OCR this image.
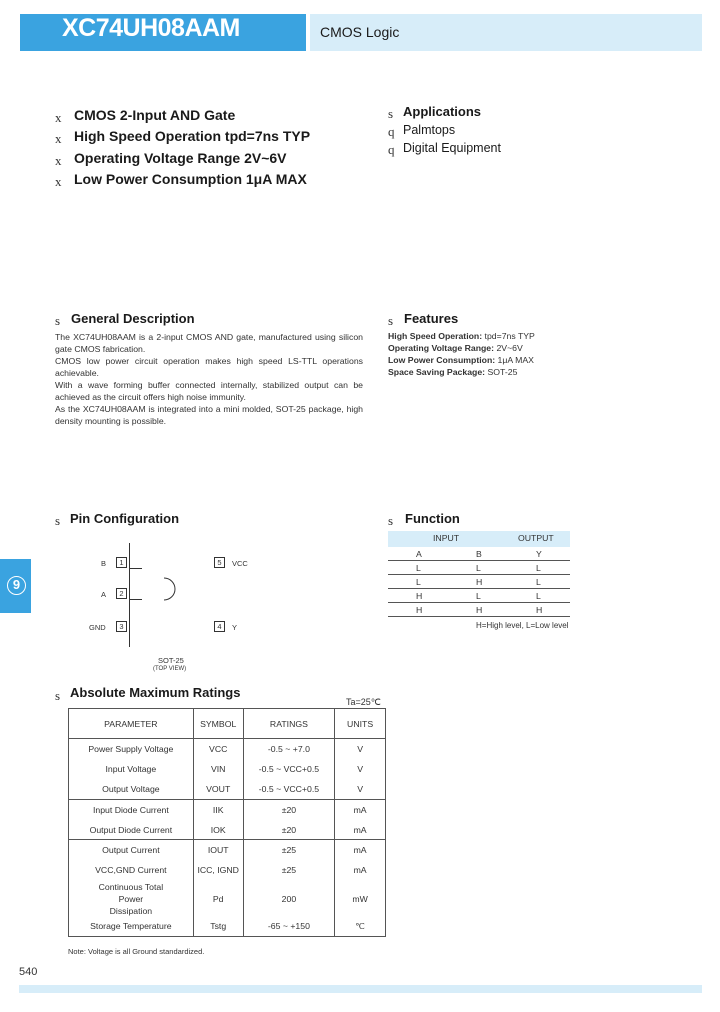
XC74UH08AAM	CMOS Logic
x CMOS 2-Input AND Gate
x High Speed Operation tpd=7ns TYP
x Operating Voltage Range 2V~6V
x Low Power Consumption 1μA MAX
s Applications
q Palmtops
q Digital Equipment
s General Description

The XC74UH08AAM is a 2-input CMOS AND gate, manufactured using silicon gate CMOS fabrication.

CMOS low power circuit operation makes high speed LS-TTL operations achievable.

With a wave forming buffer connected internally, stabilized output can be achieved as the circuit offers high noise immunity.

As the XC74UH08AAM is integrated into a mini molded, SOT-25 package, high density mounting is possible.

s Features
High Speed Operation: tpd=7ns TYP
Operating Voltage Range: 2V~6V
Low Power Consumption: 1μA MAX
Space Saving Package: SOT-25
s Pin Configuration
B	1
A	2
GND	3
5	VCC
4	Y
SOT-25
(TOP VIEW)
s Function
INPUT	OUTPUT
A	B	Y
L	L	L
L	H	L
H	L	L
H	H	H
H=High level, L=Low level
s Absolute Maximum Ratings
Ta=25℃
PARAMETER	SYMBOL	RATINGS	UNITS
Power Supply Voltage	VCC	-0.5 ~ +7.0	V
Input Voltage	VIN	-0.5 ~ VCC+0.5	V
Output Voltage	VOUT	-0.5 ~ VCC+0.5	V
Input Diode Current	IIK	±20	mA
Output Diode Current	IOK	±20	mA
Output Current	IOUT	±25	mA
VCC,GND Current	ICC, IGND	±25	mA
Continuous Total Power Dissipation	Pd	200	mW
Storage Temperature	Tstg	-65 ~ +150	℃
Note: Voltage is all Ground standardized.
9
540
